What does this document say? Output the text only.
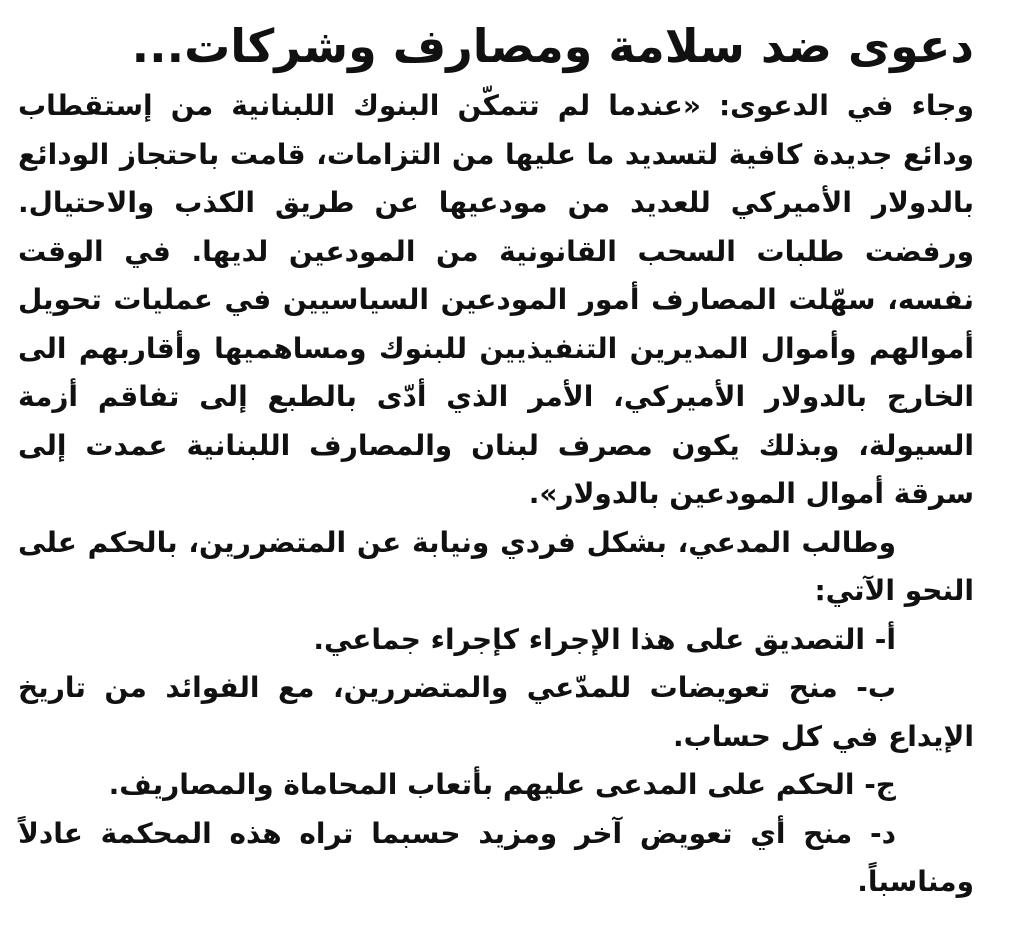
دعوى ضد سلامة ومصارف وشركات...

وجاء في الدعوى: «عندما لم تتمكّن البنوك اللبنانية من إستقطاب ودائع جديدة كافية لتسديد ما عليها من التزامات، قامت باحتجاز الودائع بالدولار الأميركي للعديد من مودعيها عن طريق الكذب والاحتيال. ورفضت طلبات السحب القانونية من المودعين لديها. في الوقت نفسه، سهّلت المصارف أمور المودعين السياسيين في عمليات تحويل أموالهم وأموال المديرين التنفيذيين للبنوك ومساهميها وأقاربهم الى الخارج بالدولار الأميركي، الأمر الذي أدّى بالطبع إلى تفاقم أزمة السيولة، وبذلك يكون مصرف لبنان والمصارف اللبنانية عمدت إلى سرقة أموال المودعين بالدولار».

وطالب المدعي، بشكل فردي ونيابة عن المتضررين، بالحكم على النحو الآتي:

أ- التصديق على هذا الإجراء كإجراء جماعي.

ب- منح تعويضات للمدّعي والمتضررين، مع الفوائد من تاريخ الإيداع في كل حساب.

ج- الحكم على المدعى عليهم بأتعاب المحاماة والمصاريف.

د- منح أي تعويض آخر ومزيد حسبما تراه هذه المحكمة عادلاً ومناسباً.
